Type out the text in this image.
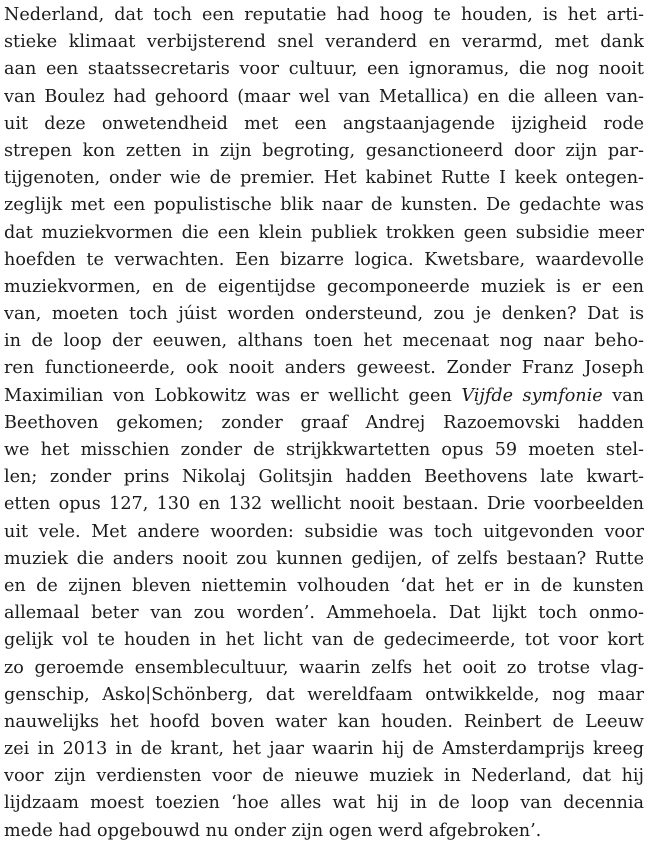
Nederland, dat toch een reputatie had hoog te houden, is het arti-
stieke klimaat verbijsterend snel veranderd en verarmd, met dank
aan een staatssecretaris voor cultuur, een ignoramus, die nog nooit
van Boulez had gehoord (maar wel van Metallica) en die alleen van-
uit deze onwetendheid met een angstaanjagende ijzigheid rode
strepen kon zetten in zijn begroting, gesanctioneerd door zijn par-
tijgenoten, onder wie de premier. Het kabinet Rutte I keek ontegen-
zeglijk met een populistische blik naar de kunsten. De gedachte was
dat muziekvormen die een klein publiek trokken geen subsidie meer
hoefden te verwachten. Een bizarre logica. Kwetsbare, waardevolle
muziekvormen, en de eigentijdse gecomponeerde muziek is er een
van, moeten toch júist worden ondersteund, zou je denken? Dat is
in de loop der eeuwen, althans toen het mecenaat nog naar beho-
ren functioneerde, ook nooit anders geweest. Zonder Franz Joseph
Maximilian von Lobkowitz was er wellicht geen Vijfde symfonie van
Beethoven gekomen; zonder graaf Andrej Razoemovski hadden
we het misschien zonder de strijkkwartetten opus 59 moeten stel-
len; zonder prins Nikolaj Golitsjin hadden Beethovens late kwart-
etten opus 127, 130 en 132 wellicht nooit bestaan. Drie voorbeelden
uit vele. Met andere woorden: subsidie was toch uitgevonden voor
muziek die anders nooit zou kunnen gedijen, of zelfs bestaan? Rutte
en de zijnen bleven niettemin volhouden ‘dat het er in de kunsten
allemaal beter van zou worden’. Ammehoela. Dat lijkt toch onmo-
gelijk vol te houden in het licht van de gedecimeerde, tot voor kort
zo geroemde ensemblecultuur, waarin zelfs het ooit zo trotse vlag-
genschip, Asko|Schönberg, dat wereldfaam ontwikkelde, nog maar
nauwelijks het hoofd boven water kan houden. Reinbert de Leeuw
zei in 2013 in de krant, het jaar waarin hij de Amsterdamprijs kreeg
voor zijn verdiensten voor de nieuwe muziek in Nederland, dat hij
lijdzaam moest toezien ‘hoe alles wat hij in de loop van decennia
mede had opgebouwd nu onder zijn ogen werd afgebroken’.
